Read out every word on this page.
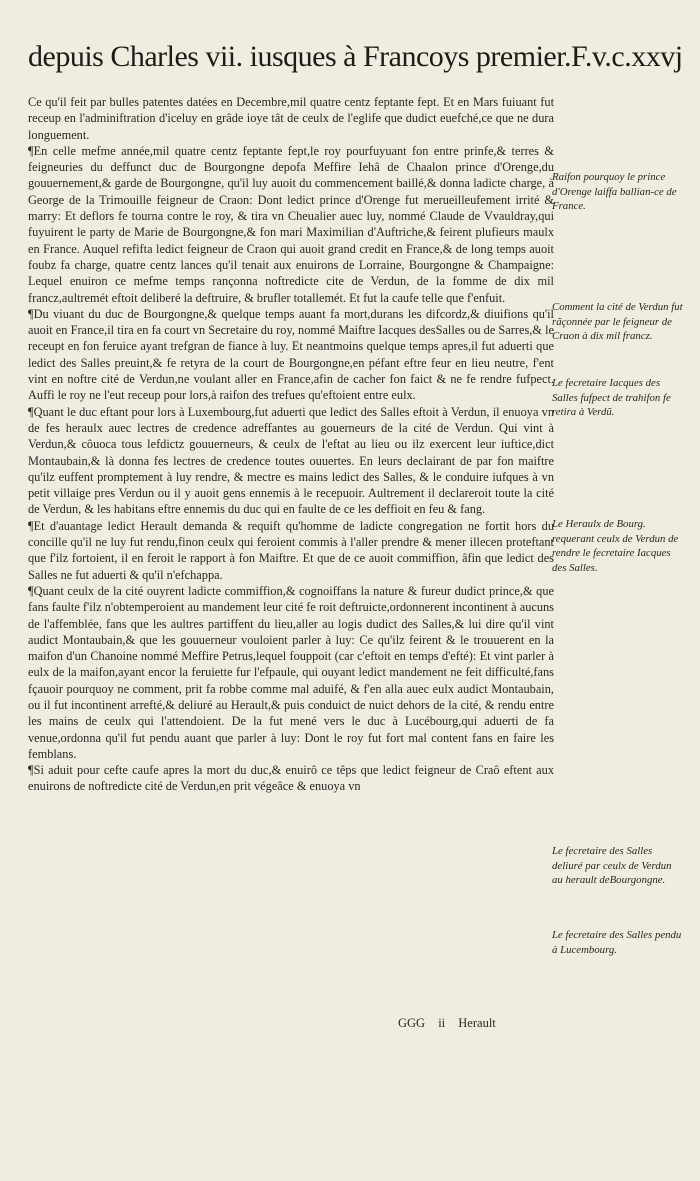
depuis Charles vii. iusques à Francoys premier.F.v.c.xxvj

Ce qu'il feit par bulles patentes datées en Decembre,mil quatre centz feptante fept. Et en Mars fuiuant fut receup en l'adminiftration d'iceluy en grâde ioye tât de ceulx de l'eglife que dudict euefché,ce que ne dura longuement.

¶En celle mefme année,mil quatre centz feptante fept,le roy pourfuyuant fon entre prinfe,& terres & feigneuries du deffunct duc de Bourgongne depofa Meffire Iehâ de Chaalon prince d'Orenge,du gouuernement,& garde de Bourgongne, qu'il luy auoit du commencement baillé,& donna ladicte charge, à George de la Trimouille feigneur de Craon: Dont ledict prince d'Orenge fut merueilleufement irrité & marry: Et deflors fe tourna contre le roy, & tira vn Cheualier auec luy, nommé Claude de Vvauldray,qui fuyuirent le party de Marie de Bourgongne,& fon mari Maximilian d'Auftriche,& feirent plufieurs maulx en France. Auquel refifta ledict feigneur de Craon qui auoit grand credit en France,& de long temps auoit foubz fa charge, quatre centz lances qu'il tenait aux enuirons de Lorraine, Bourgongne & Champaigne: Lequel enuiron ce mefme temps rançonna noftredicte cite de Verdun, de la fomme de dix mil francz,aultremét eftoit deliberé la deftruire, & brufler totallemét. Et fut la caufe telle que f'enfuit.

¶Du viuant du duc de Bourgongne,& quelque temps auant fa mort,durans les difcordz,& diuifions qu'il auoit en France,il tira en fa court vn Secretaire du roy, nommé Maiftre Iacques desSalles ou de Sarres,& le receupt en fon feruice ayant trefgran de fiance à luy. Et neantmoins quelque temps apres,il fut aduerti que ledict des Salles preuint,& fe retyra de la court de Bourgongne,en péfant eftre feur en lieu neutre, f'ent vint en noftre cité de Verdun,ne voulant aller en France,afin de cacher fon faict & ne fe rendre fufpect. Auffi le roy ne l'eut receup pour lors,à raifon des trefues qu'eftoient entre eulx.

¶Quant le duc eftant pour lors à Luxembourg,fut aduerti que ledict des Salles eftoit à Verdun, il enuoya vn de fes heraulx auec lectres de credence adreffantes au gouerneurs de la cité de Verdun. Qui vint à Verdun,& côuoca tous lefdictz gouuerneurs, & ceulx de l'eftat au lieu ou ilz exercent leur iuftice,dict Montaubain,& là donna fes lectres de credence toutes ouuertes. En leurs declairant de par fon maiftre qu'ilz euffent promptement à luy rendre, & mectre es mains ledict des Salles, & le conduire iufques à vn petit villaige pres Verdun ou il y auoit gens ennemis à le recepuoir. Aultrement il declareroit toute la cité de Verdun, & les habitans eftre ennemis du duc qui en faulte de ce les deffioit en feu & fang.

¶Et d'auantage ledict Herault demanda & requift qu'homme de ladicte congregation ne fortit hors du concille qu'il ne luy fut rendu,finon ceulx qui feroient commis à l'aller prendre & mener illecen proteftant que f'ilz fortoient, il en feroit le rapport à fon Maiftre. Et que de ce auoit commiffion, âfin que ledict des Salles ne fut aduerti & qu'il n'efchappa.

¶Quant ceulx de la cité ouyrent ladicte commiffion,& cognoiffans la nature & fureur dudict prince,& que fans faulte f'ilz n'obtemperoient au mandement leur cité fe roit deftruicte,ordonnerent incontinent à aucuns de l'affemblée, fans que les aultres partiffent du lieu,aller au logis dudict des Salles,& lui dire qu'il vint audict Montaubain,& que les gouuerneur vouloient parler à luy: Ce qu'ilz feirent & le trouuerent en la maifon d'un Chanoine nommé Meffire Petrus,lequel fouppoit (car c'eftoit en temps d'efté): Et vint parler à eulx de la maifon,ayant encor la feruiette fur l'efpaule, qui ouyant ledict mandement ne feit difficulté,fans fçauoir pourquoy ne comment, prit fa robbe comme mal aduifé, & f'en alla auec eulx audict Montaubain, ou il fut incontinent arrefté,& deliuré au Herault,& puis conduict de nuict dehors de la cité, & rendu entre les mains de ceulx qui l'attendoient. De la fut mené vers le duc à Lucébourg,qui aduerti de fa venue,ordonna qu'il fut pendu auant que parler à luy: Dont le roy fut fort mal content fans en faire les femblans.

¶Si aduit pour cefte caufe apres la mort du duc,& enuirô ce têps que ledict feigneur de Craô eftent aux enuirons de noftredicte cité de Verdun,en prit végeâce & enuoya vn

Raifon pourquoy le prince d'Orenge laiffa ballian-ce de France.
Comment la cité de Verdun fut rãçonnée par le feigneur de Craon à dix mil francz.
Le fecretaire Iacques des Salles fufpect de trahifon fe retira à Verdũ.
Le Heraulx de Bourg. requerant ceulx de Verdun de rendre le fecretaire Iacques des Salles.
Le fecretaire des Salles deliuré par ceulx de Verdun au herault deBourgongne.
Le fecretaire des Salles pendu à Lucembourg.
GGG ii Herault
